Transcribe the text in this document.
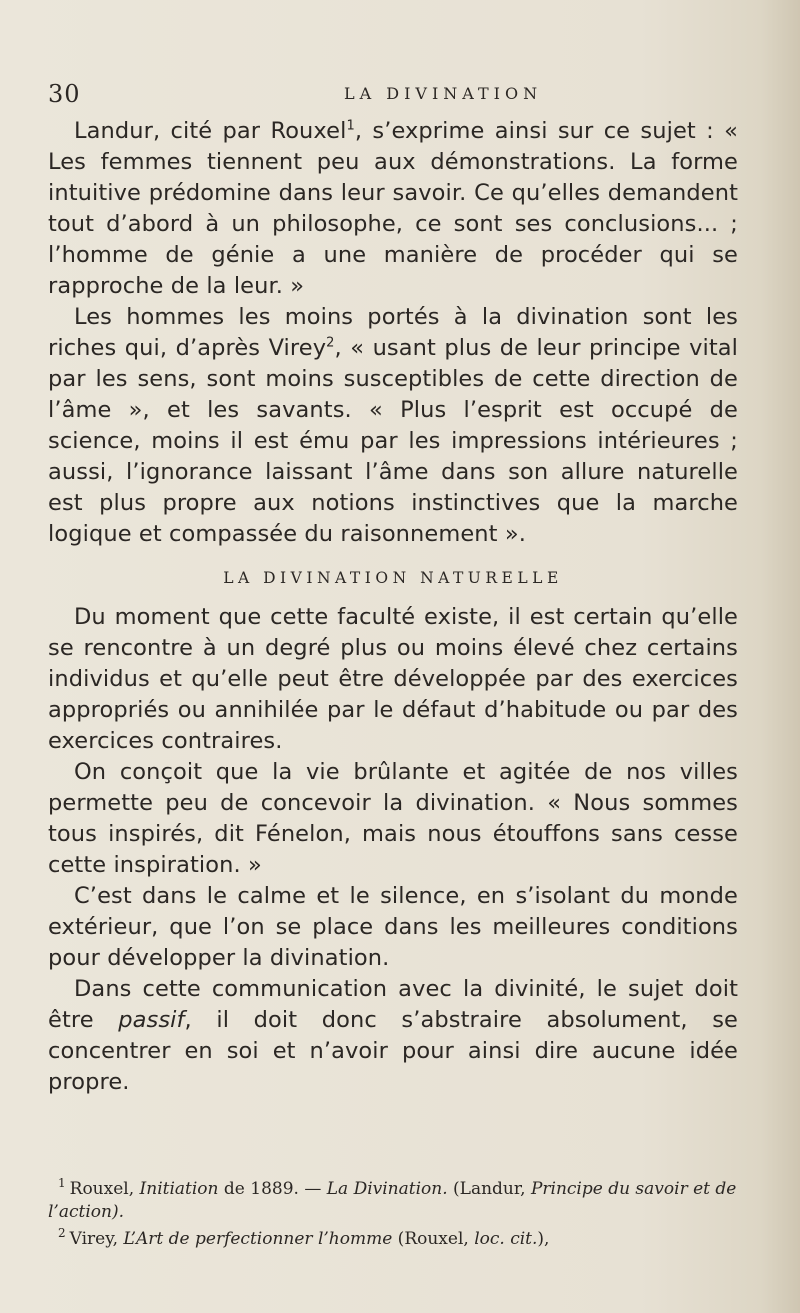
30	LA DIVINATION

Landur, cité par Rouxel$^1$, s’exprime ainsi sur ce sujet : « Les femmes tiennent peu aux démonstrations. La forme intuitive prédomine dans leur savoir. Ce qu’elles demandent tout d’abord à un philosophe, ce sont ses conclusions... ; l’homme de génie a une manière de procéder qui se rapproche de la leur. »

Les hommes les moins portés à la divination sont les riches qui, d’après Virey$^2$, « usant plus de leur principe vital par les sens, sont moins susceptibles de cette direction de l’âme », et les savants. « Plus l’esprit est occupé de science, moins il est ému par les impressions intérieures ; aussi, l’ignorance laissant l’âme dans son allure naturelle est plus propre aux notions instinctives que la marche logique et compassée du raisonnement ».

LA DIVINATION NATURELLE

Du moment que cette faculté existe, il est certain qu’elle se rencontre à un degré plus ou moins élevé chez certains individus et qu’elle peut être développée par des exercices appropriés ou annihilée par le défaut d’habitude ou par des exercices contraires.

On conçoit que la vie brûlante et agitée de nos villes permette peu de concevoir la divination. « Nous sommes tous inspirés, dit Fénelon, mais nous étouffons sans cesse cette inspiration. »

C’est dans le calme et le silence, en s’isolant du monde extérieur, que l’on se place dans les meilleures conditions pour développer la divination.

Dans cette communication avec la divinité, le sujet doit être passif, il doit donc s’abstraire absolument, se concentrer en soi et n’avoir pour ainsi dire aucune idée propre.

$^1$ Rouxel, Initiation de 1889. — La Divination. (Landur, Principe du savoir et de l’action).

$^2$ Virey, L’Art de perfectionner l’homme (Rouxel, loc. cit.),
